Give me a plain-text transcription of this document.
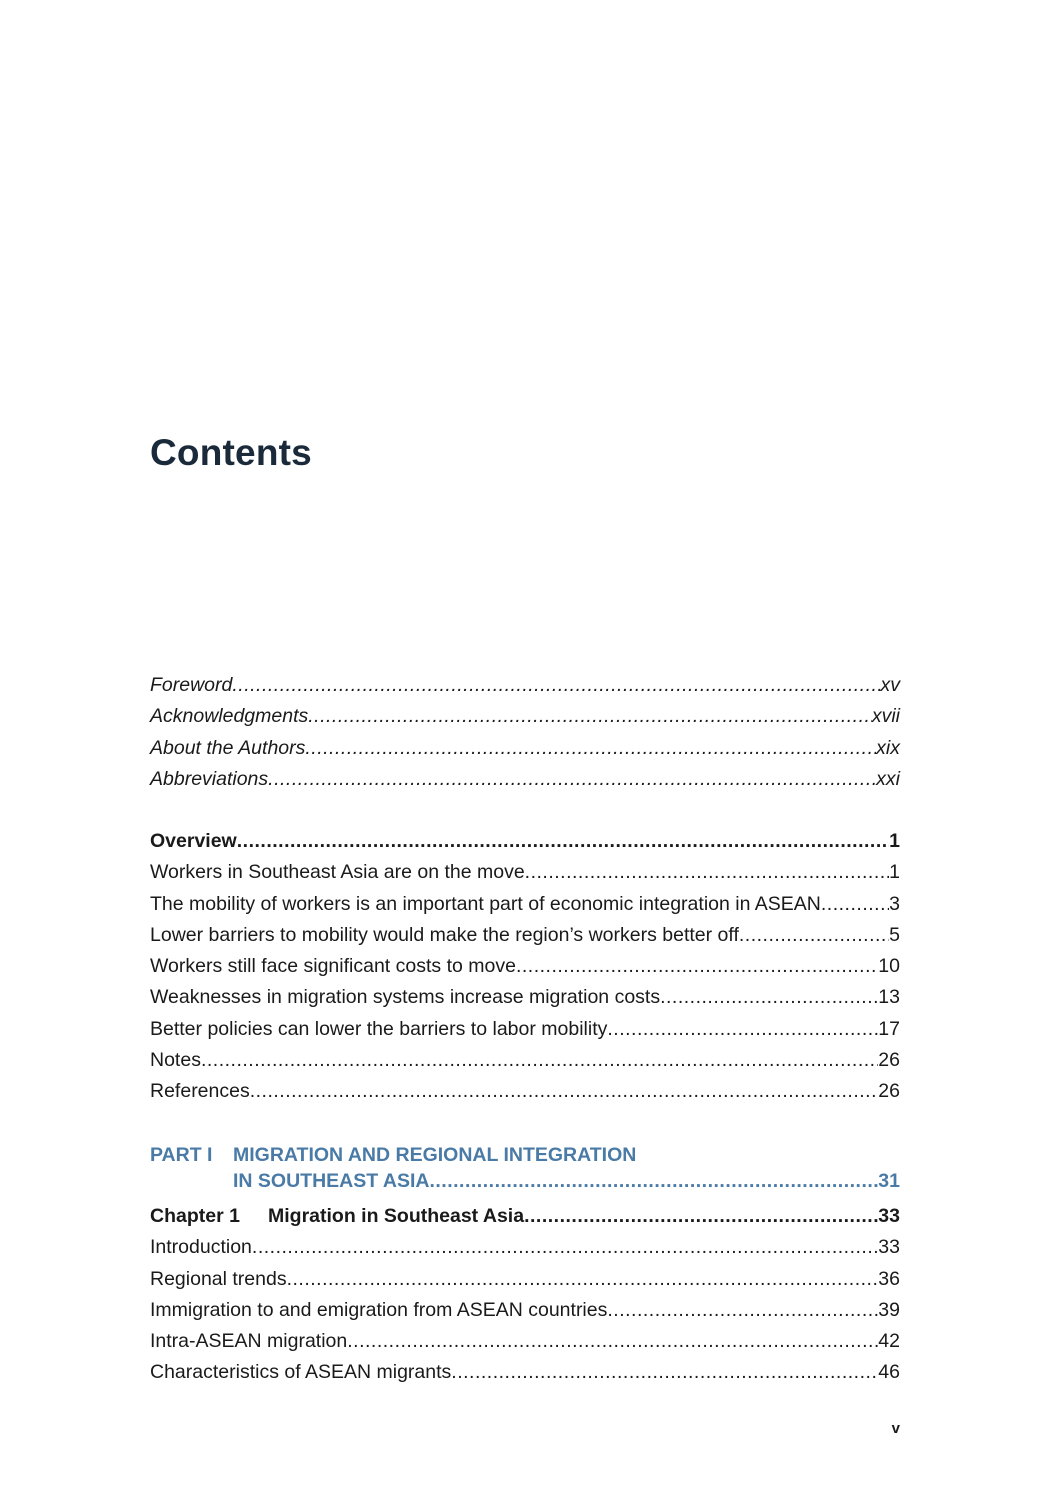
Contents
Foreword .....	xv
Acknowledgments .....	xvii
About the Authors .....	xix
Abbreviations .....	xxi
Overview .....	1
Workers in Southeast Asia are on the move .....	1
The mobility of workers is an important part of economic integration in ASEAN .....	3
Lower barriers to mobility would make the region’s workers better off .....	5
Workers still face significant costs to move .....	10
Weaknesses in migration systems increase migration costs .....	13
Better policies can lower the barriers to labor mobility .....	17
Notes .....	26
References .....	26
PART I	MIGRATION AND REGIONAL INTEGRATION
IN SOUTHEAST ASIA .....	31
Chapter 1 Migration in Southeast Asia .....	33
Introduction .....	33
Regional trends .....	36
Immigration to and emigration from ASEAN countries .....	39
Intra-ASEAN migration .....	42
Characteristics of ASEAN migrants .....	46
v
